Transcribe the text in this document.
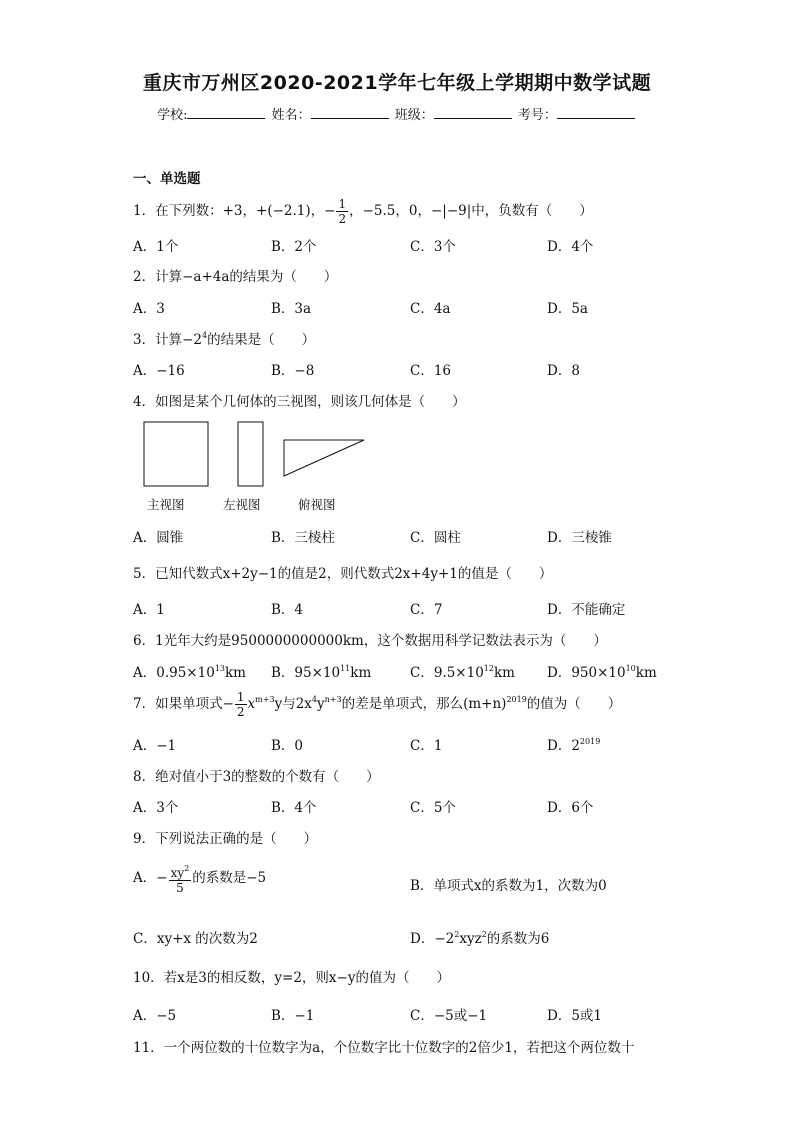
重庆市万州区2020-2021学年七年级上学期期中数学试题
学校:	姓名：	班级：	考号：
一、单选题
1．在下列数：+3，+(−2.1)，− $\frac{1}{2}$ ，−5.5，0，−|−9|中，负数有（　　）
A．1个	B．2个	C．3个	D．4个
2．计算−a+4a的结果为（　　）
A．3	B．3a	C．4a	D．5a
3．计算$-2^4$的结果是（　　）
A．−16	B．−8	C．16	D．8
4．如图是某个几何体的三视图，则该几何体是（　　）
主视图	左视图	俯视图
A．圆锥	B．三棱柱	C．圆柱	D．三棱锥
5．已知代数式x+2y−1的值是2，则代数式2x+4y+1的值是（　　）
A．1	B．4	C．7	D．不能确定
6．1光年大约是9500000000000km，这个数据用科学记数法表示为（　　）
A．$0.95\times 10^{13}km$ B．$95\times 10^{11}km$	C．$9.5\times 10^{12}km$ D．$950\times 10^{10}km$
7．如果单项式− $\frac{1}{2} x^{m+3}y$与$2x^4y^{n+3}$的差是单项式，那么$(m+n)^{2019}$的值为（　　）
A．−1	B．0	C．1	D．$2^{2019}$
8．绝对值小于3的整数的个数有（　　）
A．3个	B．4个	C．5个	D．6个
9．下列说法正确的是（　　）
A．− $\frac{xy^2}{5}$ 的系数是−5	B．单项式x的系数为1，次数为0
C．xy+x 的次数为2	D．$-2^2xyz^2$的系数为6
10．若x是3的相反数，y=2，则x−y的值为（　　）
A．−5	B．−1	C．−5或−1	D．5或1
11．一个两位数的十位数字为a，个位数字比十位数字的2倍少1，若把这个两位数十
